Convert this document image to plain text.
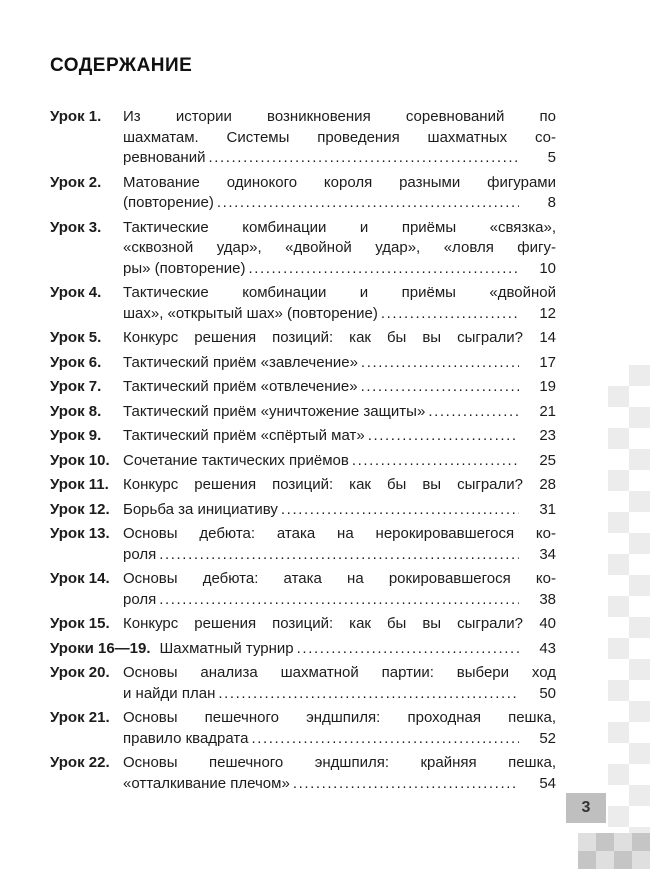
СОДЕРЖАНИЕ
Урок 1.	Из истории возникновения соревнований по
шахматам. Системы проведения шахматных со-
ревнований .....	5
Урок 2.	Матование одинокого короля разными фигурами
(повторение) .....	8
Урок 3.	Тактические комбинации и приёмы «связка»,
«сквозной удар», «двойной удар», «ловля фигу-
ры» (повторение) .....	10
Урок 4.	Тактические комбинации и приёмы «двойной
шах», «открытый шах» (повторение) .....	12
Урок 5.	Конкурс решения позиций: как бы вы сыграли?	14
Урок 6.	Тактический приём «завлечение» .....	17
Урок 7.	Тактический приём «отвлечение» .....	19
Урок 8.	Тактический приём «уничтожение защиты» .....	21
Урок 9.	Тактический приём «спёртый мат» .....	23
Урок 10. Сочетание тактических приёмов .....	25
Урок 11. Конкурс решения позиций: как бы вы сыграли?	28
Урок 12. Борьба за инициативу .....	31
Урок 13. Основы дебюта: атака на нерокировавшегося ко-
роля .....	34
Урок 14. Основы дебюта: атака на рокировавшегося ко-
роля .....	38
Урок 15. Конкурс решения позиций: как бы вы сыграли?	40
Уроки 16—19. Шахматный турнир .....	43
Урок 20. Основы анализа шахматной партии: выбери ход
и найди план .....	50
Урок 21. Основы пешечного эндшпиля: проходная пешка,
правило квадрата .....	52
Урок 22. Основы пешечного эндшпиля: крайняя пешка,
«отталкивание плечом» .....	54
3
